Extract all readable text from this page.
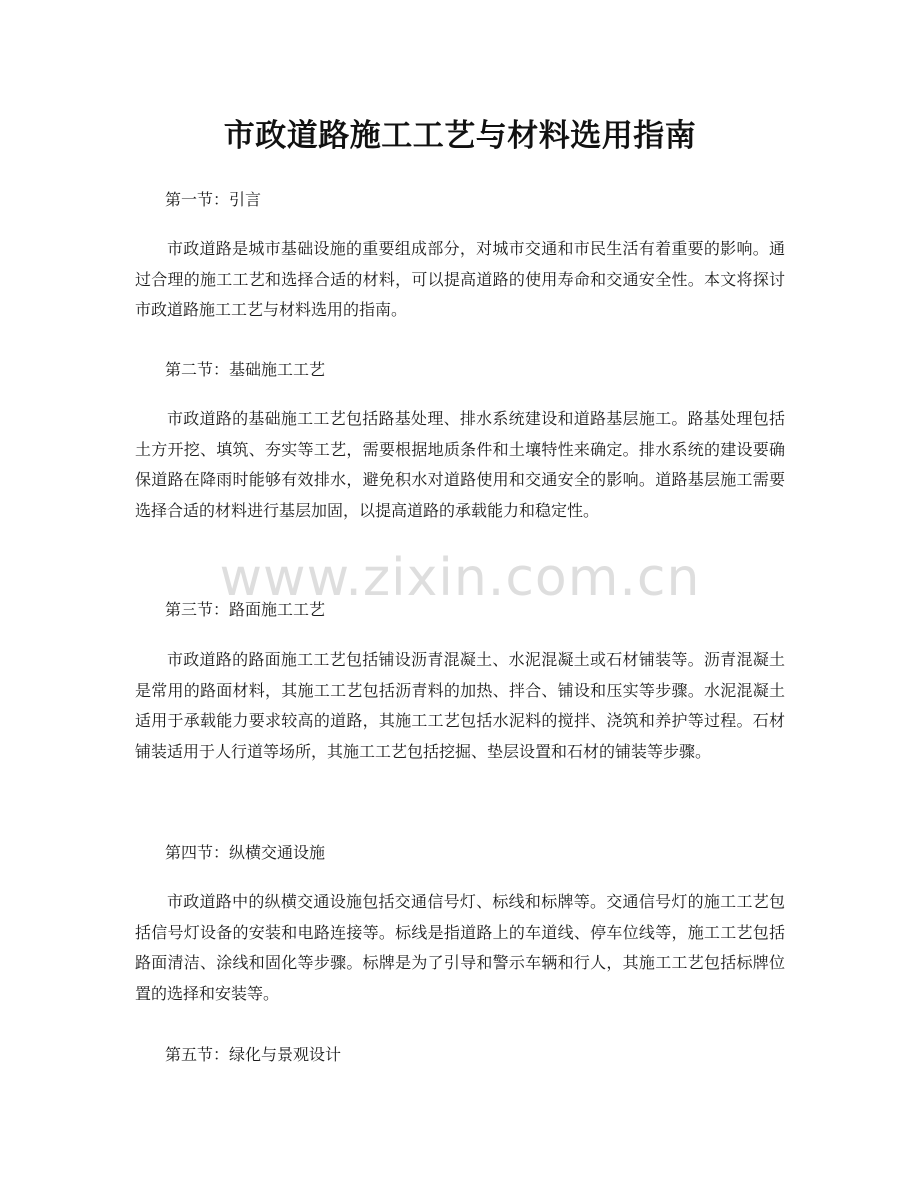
市政道路施工工艺与材料选用指南
第一节：引言
市政道路是城市基础设施的重要组成部分，对城市交通和市民生活有着重要的影响。通过合理的施工工艺和选择合适的材料，可以提高道路的使用寿命和交通安全性。本文将探讨市政道路施工工艺与材料选用的指南。
第二节：基础施工工艺
市政道路的基础施工工艺包括路基处理、排水系统建设和道路基层施工。路基处理包括土方开挖、填筑、夯实等工艺，需要根据地质条件和土壤特性来确定。排水系统的建设要确保道路在降雨时能够有效排水，避免积水对道路使用和交通安全的影响。道路基层施工需要选择合适的材料进行基层加固，以提高道路的承载能力和稳定性。
第三节：路面施工工艺
市政道路的路面施工工艺包括铺设沥青混凝土、水泥混凝土或石材铺装等。沥青混凝土是常用的路面材料，其施工工艺包括沥青料的加热、拌合、铺设和压实等步骤。水泥混凝土适用于承载能力要求较高的道路，其施工工艺包括水泥料的搅拌、浇筑和养护等过程。石材铺装适用于人行道等场所，其施工工艺包括挖掘、垫层设置和石材的铺装等步骤。
第四节：纵横交通设施
市政道路中的纵横交通设施包括交通信号灯、标线和标牌等。交通信号灯的施工工艺包括信号灯设备的安装和电路连接等。标线是指道路上的车道线、停车位线等，施工工艺包括路面清洁、涂线和固化等步骤。标牌是为了引导和警示车辆和行人，其施工工艺包括标牌位置的选择和安装等。
第五节：绿化与景观设计
www.zixin.com.cn
